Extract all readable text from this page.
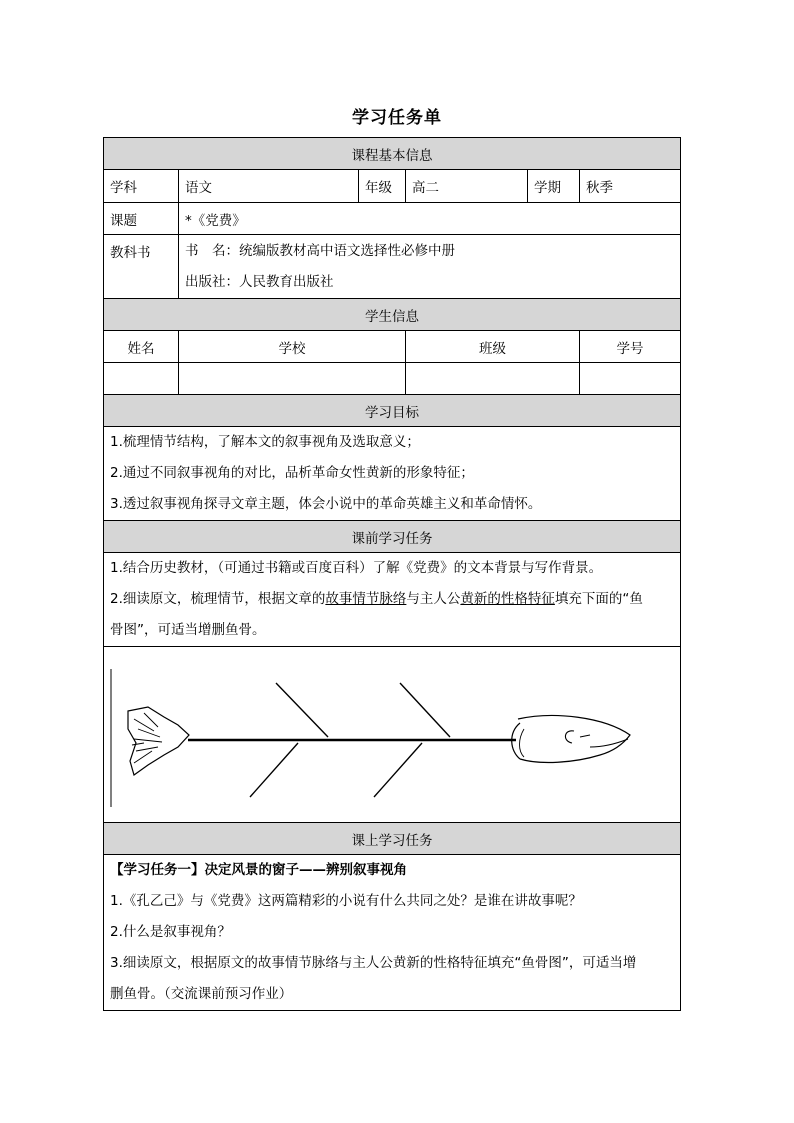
学习任务单
课程基本信息					
学科	语文	年级	高二	学期	秋季
课题	*《党费》				
教科书	书　名：统编版教材高中语文选择性必修中册
出版社：人民教育出版社				

学生信息					
姓名	学校		班级		学号

学习目标					

1.梳理情节结构，了解本文的叙事视角及选取意义；
2.通过不同叙事视角的对比，品析革命女性黄新的形象特征；
3.透过叙事视角探寻文章主题，体会小说中的革命英雄主义和革命情怀。					

课前学习任务					

1.结合历史教材，（可通过书籍或百度百科）了解《党费》的文本背景与写作背景。
2.细读原文，梳理情节，根据文章的故事情节脉络与主人公黄新的性格特征填充下面的“鱼
骨图”，可适当增删鱼骨。					

课上学习任务					

【学习任务一】决定风景的窗子——辨别叙事视角
1.《孔乙己》与《党费》这两篇精彩的小说有什么共同之处？是谁在讲故事呢？
2.什么是叙事视角？
3.细读原文，根据原文的故事情节脉络与主人公黄新的性格特征填充“鱼骨图”，可适当增
删鱼骨。（交流课前预习作业）					
